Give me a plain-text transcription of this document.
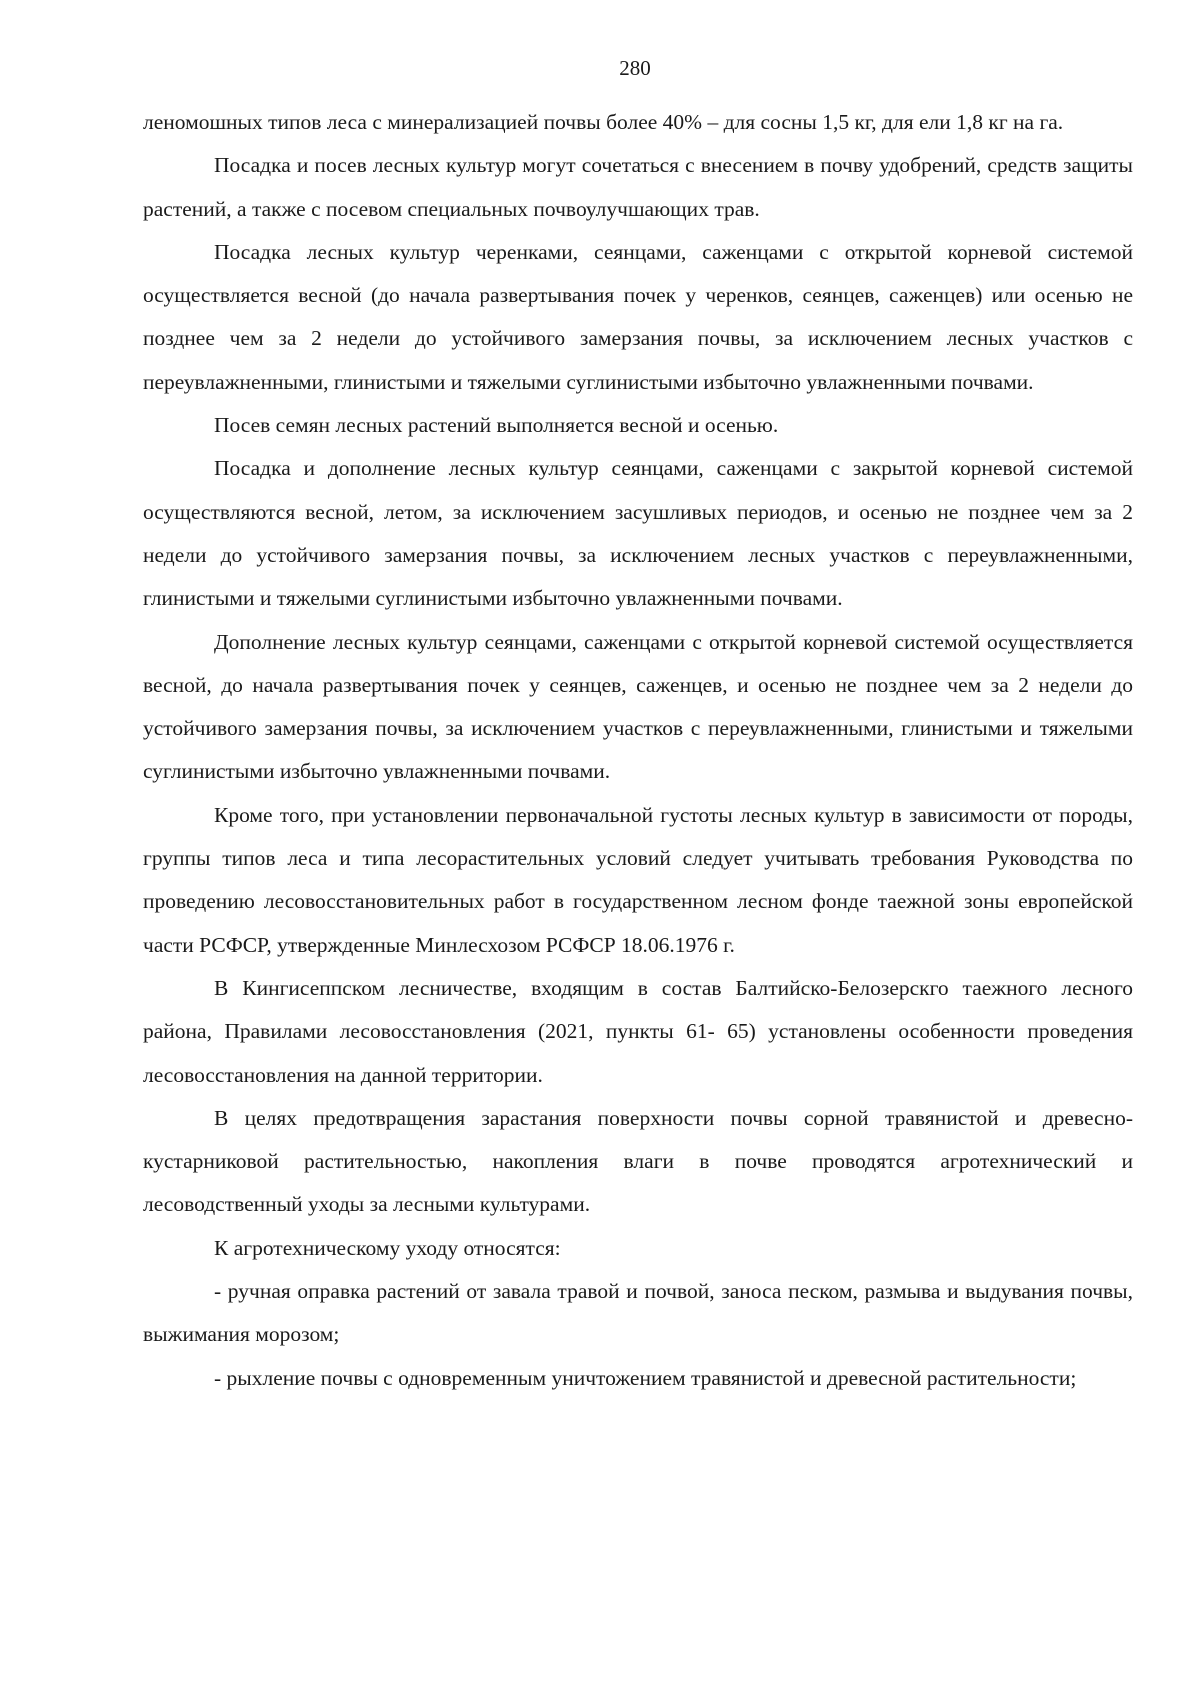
280

леномошных типов леса с минерализацией почвы более 40% – для сосны 1,5 кг, для ели 1,8 кг на га.

Посадка и посев лесных культур могут сочетаться с внесением в почву удобрений, средств защиты растений, а также с посевом специальных почвоулучшающих трав.

Посадка лесных культур черенками, сеянцами, саженцами с открытой корневой системой осуществляется весной (до начала развертывания почек у черенков, сеянцев, саженцев) или осенью не позднее чем за 2 недели до устойчивого замерзания почвы, за исключением лесных участков с переувлажненными, глинистыми и тяжелыми суглинистыми избыточно увлажненными почвами.

Посев семян лесных растений выполняется весной и осенью.

Посадка и дополнение лесных культур сеянцами, саженцами с закрытой корневой системой осуществляются весной, летом, за исключением засушливых периодов, и осенью не позднее чем за 2 недели до устойчивого замерзания почвы, за исключением лесных участков с переувлажненными, глинистыми и тяжелыми суглинистыми избыточно увлажненными почвами.

Дополнение лесных культур сеянцами, саженцами с открытой корневой системой осуществляется весной, до начала развертывания почек у сеянцев, саженцев, и осенью не позднее чем за 2 недели до устойчивого замерзания почвы, за исключением участков с переувлажненными, глинистыми и тяжелыми суглинистыми избыточно увлажненными почвами.

Кроме того, при установлении первоначальной густоты лесных культур в зависимости от породы, группы типов леса и типа лесорастительных условий следует учитывать требования Руководства по проведению лесовосстановительных работ в государственном лесном фонде таежной зоны европейской части РСФСР, утвержденные Минлесхозом РСФСР 18.06.1976 г.

В Кингисеппском лесничестве, входящим в состав Балтийско-Белозерскго таежного лесного района, Правилами лесовосстановления (2021, пункты 61- 65) установлены особенности проведения лесовосстановления на данной территории.

В целях предотвращения зарастания поверхности почвы сорной травянистой и древесно-кустарниковой растительностью, накопления влаги в почве проводятся агротехнический и лесоводственный уходы за лесными культурами.

К агротехническому уходу относятся:

- ручная оправка растений от завала травой и почвой, заноса песком, размыва и выдувания почвы, выжимания морозом;

- рыхление почвы с одновременным уничтожением травянистой и древесной растительности;
